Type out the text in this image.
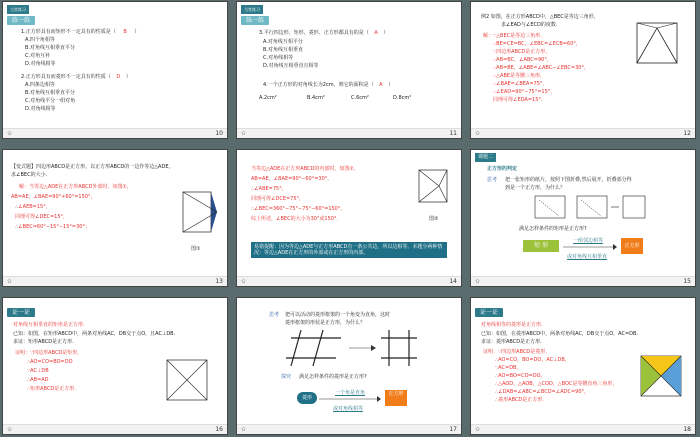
当堂练习
练一练
1.正方形具有而矩形不一定具有的性质是（ B ）
A.四个角相等
B.对角线互相垂直平分
C.对角互补
D.对角线相等
2.正方形具有而菱形不一定具有的性质（ D ）
A.四条边相等
B.对角线互相垂直平分
C.对角线平分一组对角
D.对角线相等
✩	10
当堂练习
练一练
3.平行四边形、矩形、菱形、正方形都具有的是（ A ）
A.对角线互相平分
B.对角线互相垂直
C.对角线相等
D.对角线互相垂直且相等
4.一个正方形的对角线长为2cm，则它的面积是（ A ）
A.2cm²	B.4cm²	C.6cm²	D.8cm²
✩	11
例2 如图，在正方形ABCD中，△BEC是等边三角形，
求∠EAD与∠ECD的度数.
解：∵△BEC是等边三角形，
∴BE=CE=BC，∠EBC=∠ECB=60°，
∵四边形ABCD是正方形，
∴AB=BC，∠ABC=90°，
∴AB=BE，∠ABE=∠ABC−∠EBC=30°，
∴△ABE是等腰三角形，
∴∠BAE=∠BEA=75°，
∴∠EAD=90°−75°=15°，
同理可得∠EDA=15°.
✩	12
【变式题】四边形ABCD是正方形，以正方形ABCD的一边作等边△ADE，
求∠BEC的大小.
解：当等边△ADE在正方形ABCD外部时，如图①，
AB=AE，∠BAE=90°+60°=150°，
∴∠AEB=15°，
同理可得∠DEC=15°，
∴∠BEC=60°−15°−15°=30°；
图①
✩	13
当等边△ADE在正方形ABCD的内部时，如图②，
AB=AE，∠BAE=90°−60°=30°，
∴∠ABE=75°，
同理可得∠DCE=75°，
∴∠BEC=360°−75°−75°−60°=150°，
综上所述，∠BEC的大小为30°或150°.	图②
易错提醒：因为等边△ADE与正方形ABCD有一条公共边，所以边相等。本题分两种情况：等边△ADE在正方形的外部或在正方形的内部。
✩	14
课题二
正方形的判定
思考 把一张矩形的纸片，按照下图折叠,然后展开，折叠部分得
到是一个正方形，为什么？
满足怎样条件的矩形是正方形?
矩 形
一组邻边相等
正方形
或对角线互相垂直
✩	15
证一证
对角线互相垂直的矩形是正方形.
已知：如图，在矩形ABCD中，两条对角线AC，DB交于点O，且AC⊥DB.
求证：矩形ABCD是正方形.
证明：∵四边形ABCD是矩形，
∴AO=CO=BO=DO
∵AC⊥DB
∴AB=AD
∴矩形ABCD是正方形.
✩	16
思考 把可以活动的菱形框架的一个角变为直角，这时
菱形框架的形状是正方形，为什么？
探究 满足怎样条件的菱形是正方形?
菱形
一个角是直角	正方形
或对角线相等
✩	17
证一证
对角线相等的菱形是正方形.
已知：如图，在菱形ABCD中，两条对角线AC，DB交于点O，AC=DB.
求证：菱形ABCD是正方形.
证明：∵四边形ABCD是菱形，
∴AO=CO，BO=DO，AC⊥DB，
∵AC=DB，
∴AO=BO=CO=DO，
∴△AOD，△AOB，△COD，△BOC是等腰直角三角形，
∴∠DAB=∠ABC=∠BCD=∠ADC=90°，
∴菱形ABCD是正方形.
✩	18
